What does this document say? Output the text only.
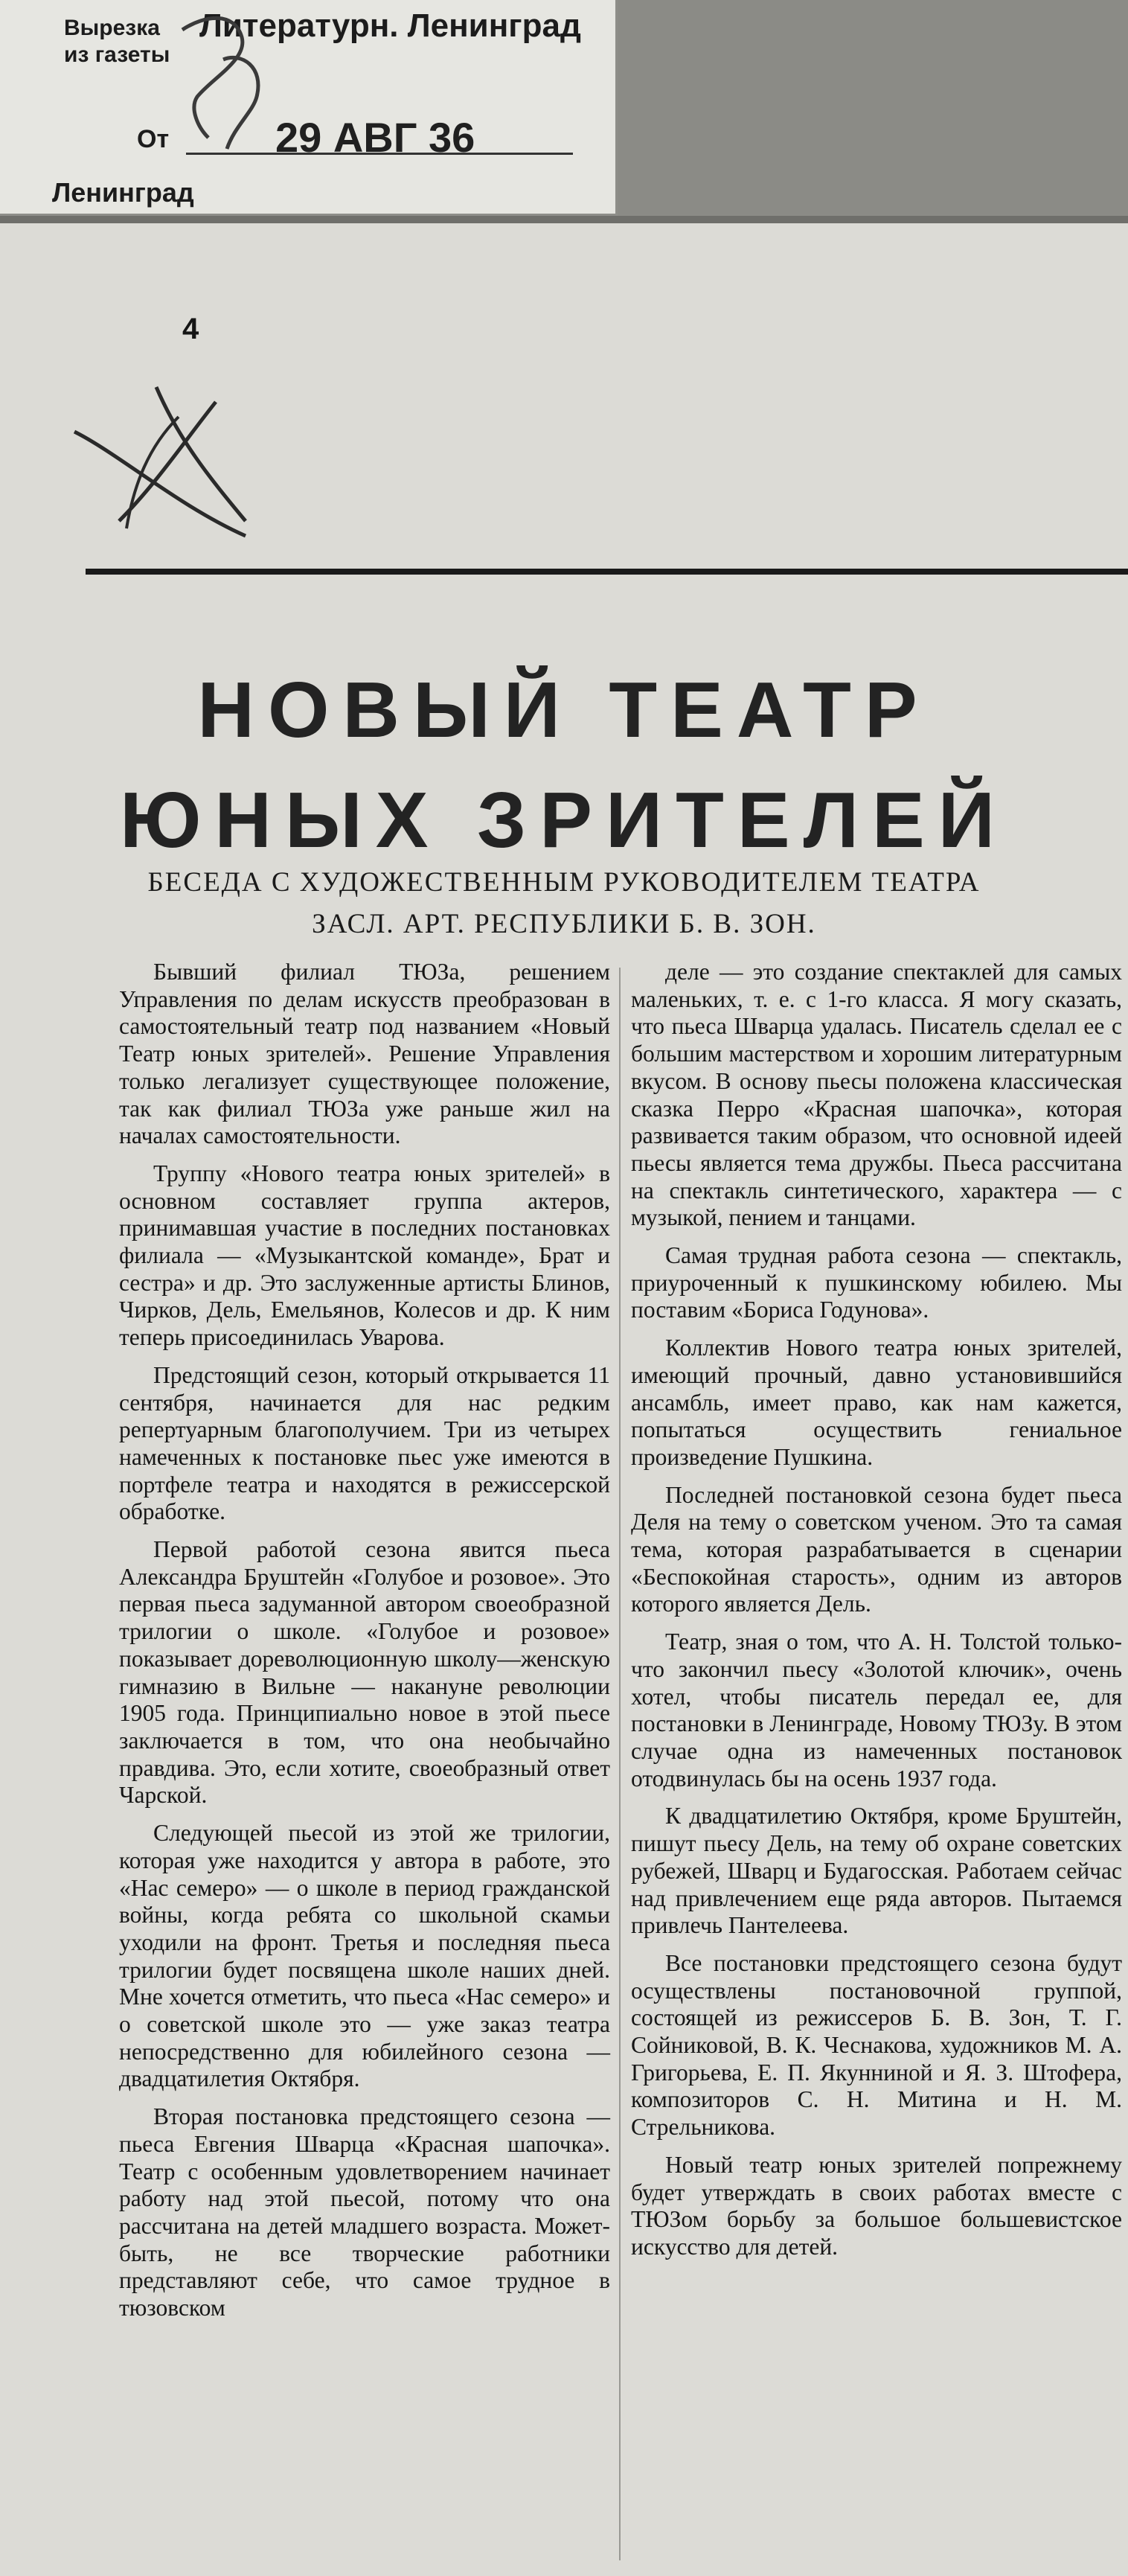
Вырезка из газеты
Литературн. Ленинград
От	29 АВГ 36
Ленинград
4
НОВЫЙ ТЕАТР
ЮНЫХ ЗРИТЕЛЕЙ
БЕСЕДА С ХУДОЖЕСТВЕННЫМ РУКОВОДИТЕЛЕМ ТЕАТРА
ЗАСЛ. АРТ. РЕСПУБЛИКИ Б. В. ЗОН.

Бывший филиал ТЮЗа, решением Управления по делам искусств преобразован в самостоятельный театр под названием «Новый Театр юных зрителей». Решение Управления только легализует существующее положение, так как филиал ТЮЗа уже раньше жил на началах самостоятельности.

Труппу «Нового театра юных зрителей» в основном составляет группа актеров, принимавшая участие в последних постановках филиала — «Музыкантской команде», Брат и сестра» и др. Это заслуженные артисты Блинов, Чирков, Дель, Емельянов, Колесов и др. К ним теперь присоединилась Уваровa.

Предстоящий сезон, который открывается 11 сентября, начинается для нас редким репертуарным благополучием. Три из четырех намеченных к постановке пьес уже имеются в портфеле театра и находятся в режиссерской обработке.

Первой работой сезона явится пьеса Александра Бруштейн «Голубое и розовое». Это первая пьеса задуманной автором своеобразной трилогии о школе. «Голубое и розовое» показывает дореволюционную школу—женскую гимназию в Вильне — накануне революции 1905 года. Принципиально новое в этой пьесе заключается в том, что она необычайно правдива. Это, если хотите, своеобразный ответ Чарской.

Следующей пьесой из этой же трилогии, которая уже находится у автора в работе, это «Нас семеро» — о школе в период гражданской войны, когда ребята со школьной скамьи уходили на фронт. Третья и последняя пьеса трилогии будет посвящена школе наших дней. Мне хочется отметить, что пьеса «Нас семеро» и о советской школе это — уже заказ театра непосредственно для юбилейного сезона — двадцатилетия Октября.

Вторая постановка предстоящего сезона — пьеса Евгения Шварца «Красная шапочка». Театр с особенным удовлетворением начинает работу над этой пьесой, потому что она рассчитана на детей младшего возраста. Может-быть, не все творческие работники представляют себе, что самое трудное в тюзовском

деле — это создание спектаклей для самых маленьких, т. е. с 1-го класса. Я могу сказать, что пьеса Шварца удалась. Писатель сделал ее с большим мастерством и хорошим литературным вкусом. В основу пьесы положена классическая сказка Перро «Красная шапочка», которая развивается таким образом, что основной идеей пьесы является тема дружбы. Пьеса рассчитана на спектакль синтетического, характера — с музыкой, пением и танцами.

Самая трудная работа сезона — спектакль, приуроченный к пушкинскому юбилею. Мы поставим «Бориса Годунова».

Коллектив Нового театра юных зрителей, имеющий прочный, давно установившийся ансамбль, имеет право, как нам кажется, попытаться осуществить гениальное произведение Пушкина.

Последней постановкой сезона будет пьеса Деля на тему о советском ученом. Это та самая тема, которая разрабатывается в сценарии «Беспокойная старость», одним из авторов которого является Дель.

Театр, зная о том, что А. Н. Толстой только-что закончил пьесу «Золотой ключик», очень хотел, чтобы писатель передал ее, для постановки в Ленинграде, Новому ТЮЗу. В этом случае одна из намеченных постановок отодвинулась бы на осень 1937 года.

К двадцатилетию Октября, кроме Бруштейн, пишут пьесу Дель, на тему об охране советских рубежей, Шварц и Будагосская. Работаем сейчас над привлечением еще ряда авторов. Пытаемся привлечь Пантелеева.

Все постановки предстоящего сезона будут осуществлены постановочной группой, состоящей из режиссеров Б. В. Зон, Т. Г. Сойниковой, В. К. Чеснакова, художников М. А. Григорьева, Е. П. Якунниной и Я. З. Штофера, композиторов С. Н. Митина и Н. М. Стрельникова.

Новый театр юных зрителей попрежнему будет утверждать в своих работах вместе с ТЮЗом борьбу за большое большевистское искусство для детей.
